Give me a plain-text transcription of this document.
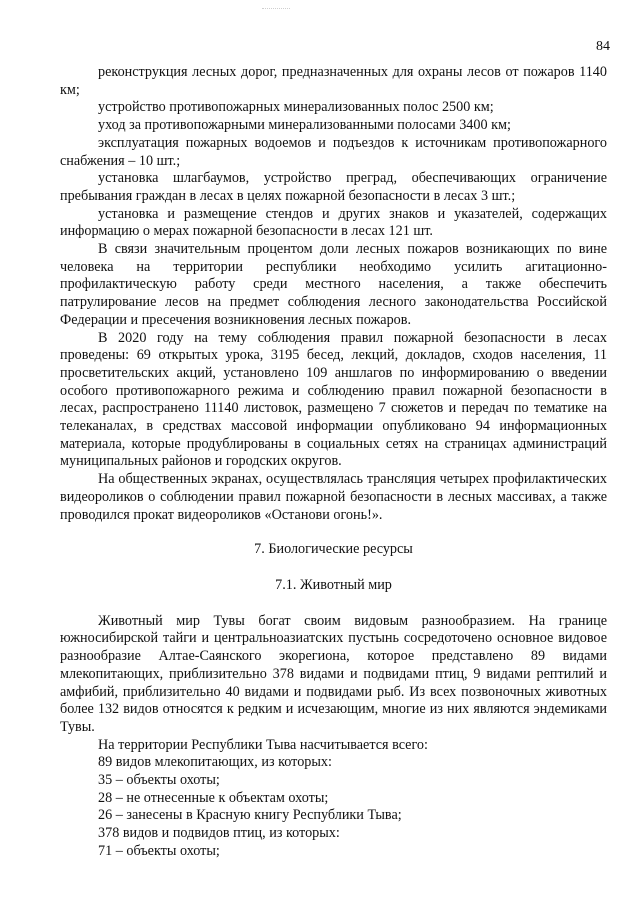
84

реконструкция лесных дорог, предназначенных для охраны лесов от пожаров 1140 км;

устройство противопожарных минерализованных полос 2500 км;

уход за противопожарными минерализованными полосами 3400 км;

эксплуатация пожарных водоемов и подъездов к источникам противопожарного снабжения – 10 шт.;

установка шлагбаумов, устройство преград, обеспечивающих ограничение пребывания граждан в лесах в целях пожарной безопасности в лесах 3 шт.;

установка и размещение стендов и других знаков и указателей, содержащих информацию о мерах пожарной безопасности в лесах 121 шт.

В связи значительным процентом доли лесных пожаров возникающих по вине человека на территории республики необходимо усилить агитационно-профилактическую работу среди местного населения, а также обеспечить патрулирование лесов на предмет соблюдения лесного законодательства Российской Федерации и пресечения возникновения лесных пожаров.

В 2020 году на тему соблюдения правил пожарной безопасности в лесах проведены: 69 открытых урока, 3195 бесед, лекций, докладов, сходов населения, 11 просветительских акций, установлено 109 аншлагов по информированию о введении особого противопожарного режима и соблюдению правил пожарной безопасности в лесах, распространено 11140 листовок, размещено 7 сюжетов и передач по тематике на телеканалах, в средствах массовой информации опубликовано 94 информационных материала, которые продублированы в социальных сетях на страницах администраций муниципальных районов и городских округов.

На общественных экранах, осуществлялась трансляция четырех профилактических видеороликов о соблюдении правил пожарной безопасности в лесных массивах, а также проводился прокат видеороликов «Останови огонь!».

7. Биологические ресурсы

7.1. Животный мир

Животный мир Тувы богат своим видовым разнообразием. На границе южносибирской тайги и центральноазиатских пустынь сосредоточено основное видовое разнообразие Алтае-Саянского экорегиона, которое представлено 89 видами млекопитающих, приблизительно 378 видами и подвидами птиц, 9 видами рептилий и амфибий, приблизительно 40 видами и подвидами рыб. Из всех позвоночных животных более 132 видов относятся к редким и исчезающим, многие из них являются эндемиками Тувы.

На территории Республики Тыва насчитывается всего:

89 видов млекопитающих, из которых:

35 – объекты охоты;

28 – не отнесенные к объектам охоты;

26 – занесены в Красную книгу Республики Тыва;

378 видов и подвидов птиц, из которых:

71 – объекты охоты;
